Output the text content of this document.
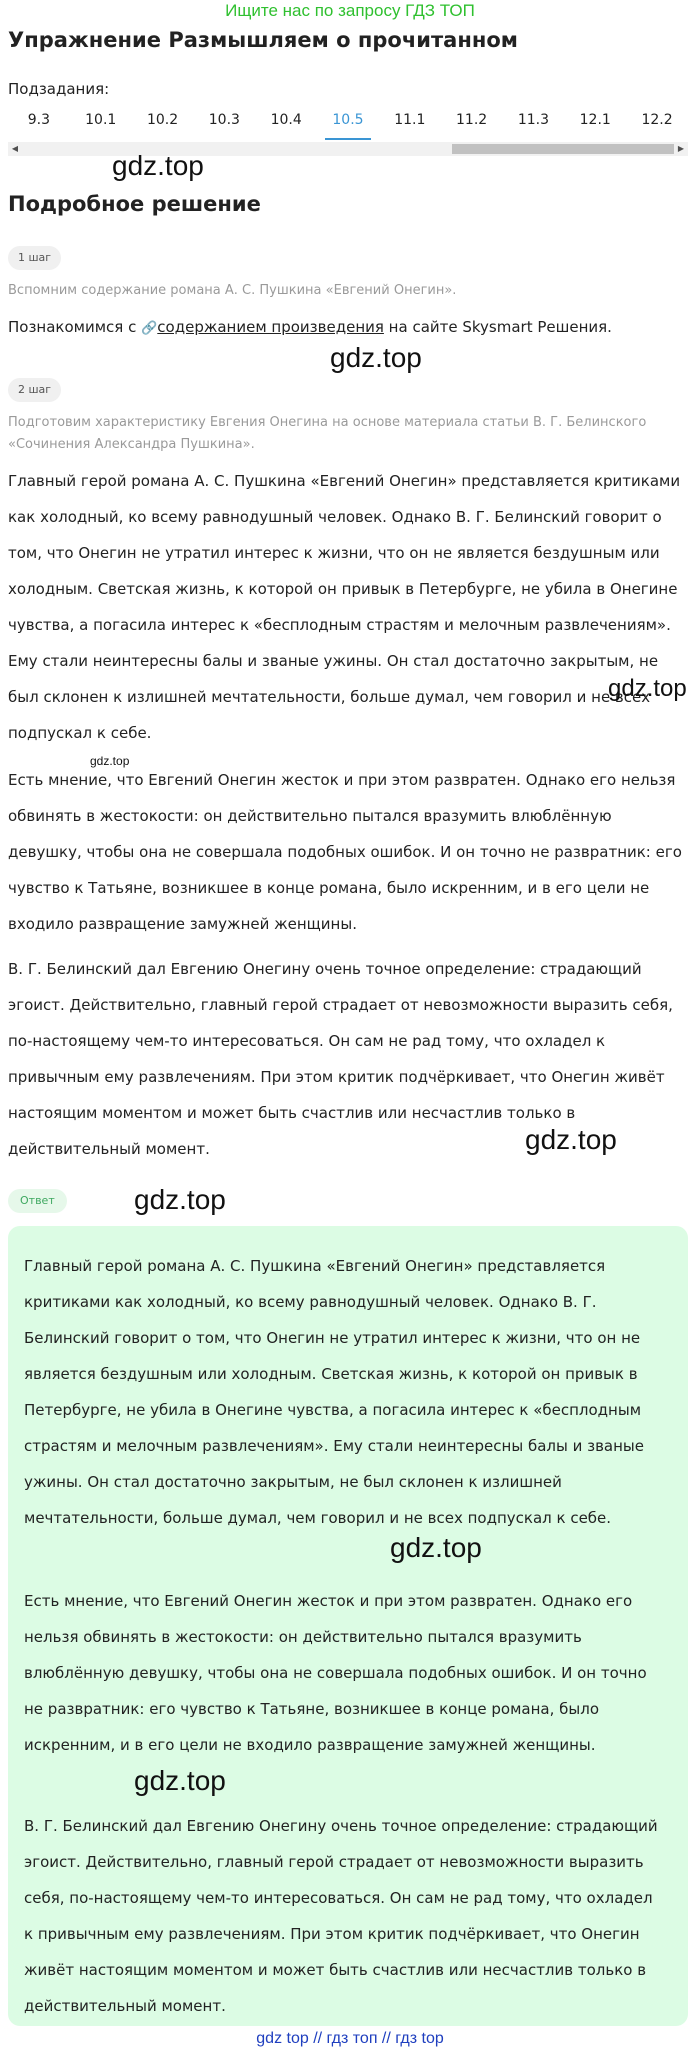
Ищите нас по запросу ГДЗ ТОП
Упражнение Размышляем о прочитанном
Подзадания:
9.3	10.1	10.2	10.3	10.4	10.5	11.1	11.2	11.3	12.1	12.2
◀	▶
gdz.top
Подробное решение
1 шаг
Вспомним содержание романа А. С. Пушкина «Евгений Онегин».
Познакомимся с 🔗содержанием произведения на сайте Skysmart Решения.
gdz.top
2 шаг
Подготовим характеристику Евгения Онегина на основе материала статьи В. Г. Белинского «Сочинения Александра Пушкина».

Главный герой романа А. С. Пушкина «Евгений Онегин» представляется критиками как холодный, ко всему равнодушный человек. Однако В. Г. Белинский говорит о том, что Онегин не утратил интерес к жизни, что он не является бездушным или холодным. Светская жизнь, к которой он привык в Петербурге, не убила в Онегине чувства, а погасила интерес к «бесплодным страстям и мелочным развлечениям». Ему стали неинтересны балы и званые ужины. Он стал достаточно закрытым, не был склонен к излишней мечтательности, больше думал, чем говорил и не всех подпускал к себе.

gdz.top
gdz.top

Есть мнение, что Евгений Онегин жесток и при этом развратен. Однако его нельзя обвинять в жестокости: он действительно пытался вразумить влюблённую девушку, чтобы она не совершала подобных ошибок. И он точно не развратник: его чувство к Татьяне, возникшее в конце романа, было искренним, и в его цели не входило развращение замужней женщины.

В. Г. Белинский дал Евгению Онегину очень точное определение: страдающий эгоист. Действительно, главный герой страдает от невозможности выразить себя, по-настоящему чем-то интересоваться. Он сам не рад тому, что охладел к привычным ему развлечениям. При этом критик подчёркивает, что Онегин живёт настоящим моментом и может быть счастлив или несчастлив только в действительный момент.	gdz.top
Ответ	gdz.top

Главный герой романа А. С. Пушкина «Евгений Онегин» представляется критиками как холодный, ко всему равнодушный человек. Однако В. Г. Белинский говорит о том, что Онегин не утратил интерес к жизни, что он не является бездушным или холодным. Светская жизнь, к которой он привык в Петербурге, не убила в Онегине чувства, а погасила интерес к «бесплодным страстям и мелочным развлечениям». Ему стали неинтересны балы и званые ужины. Он стал достаточно закрытым, не был склонен к излишней мечтательности, больше думал, чем говорил и не всех подпускал к себе.

gdz.top

Есть мнение, что Евгений Онегин жесток и при этом развратен. Однако его нельзя обвинять в жестокости: он действительно пытался вразумить влюблённую девушку, чтобы она не совершала подобных ошибок. И он точно не развратник: его чувство к Татьяне, возникшее в конце романа, было искренним, и в его цели не входило развращение замужней женщины.

gdz.top

В. Г. Белинский дал Евгению Онегину очень точное определение: страдающий эгоист. Действительно, главный герой страдает от невозможности выразить себя, по-настоящему чем-то интересоваться. Он сам не рад тому, что охладел к привычным ему развлечениям. При этом критик подчёркивает, что Онегин живёт настоящим моментом и может быть счастлив или несчастлив только в действительный момент.

gdz top // гдз топ // гдз top
